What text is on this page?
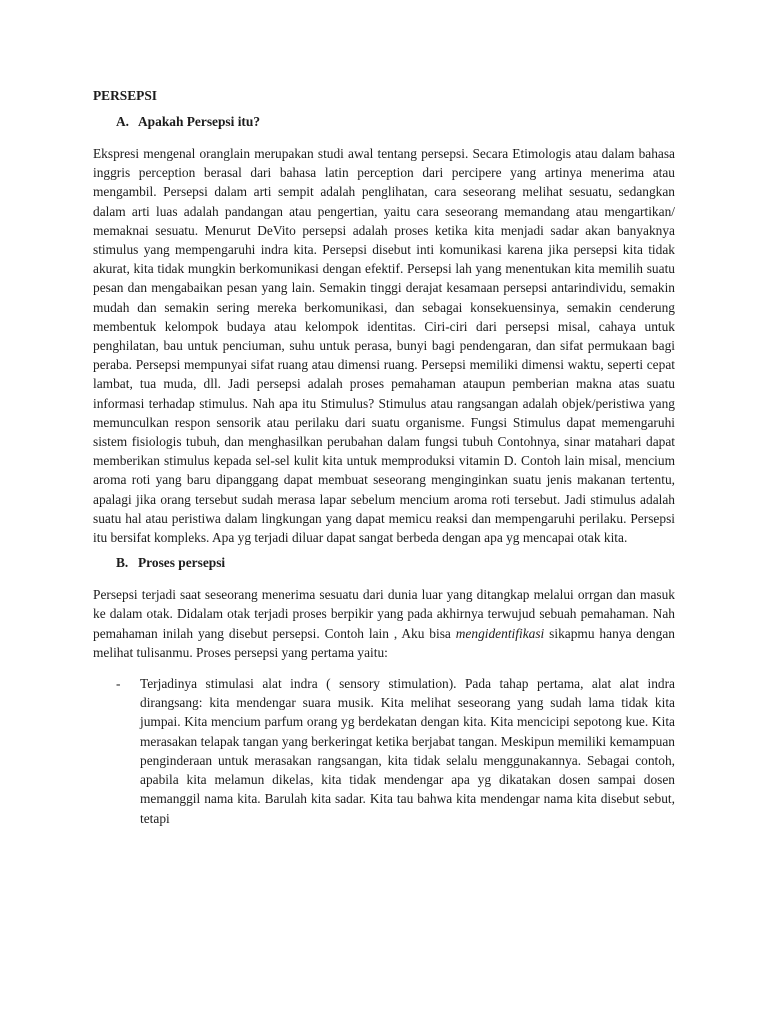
PERSEPSI

A. Apakah Persepsi itu?

Ekspresi mengenal oranglain merupakan studi awal tentang persepsi. Secara Etimologis atau dalam bahasa inggris perception berasal dari bahasa latin perception dari percipere yang artinya menerima atau mengambil. Persepsi dalam arti sempit adalah penglihatan, cara seseorang melihat sesuatu, sedangkan dalam arti luas adalah pandangan atau pengertian, yaitu cara seseorang memandang atau mengartikan/ memaknai sesuatu. Menurut DeVito persepsi adalah proses ketika kita menjadi sadar akan banyaknya stimulus yang mempengaruhi indra kita. Persepsi disebut inti komunikasi karena jika persepsi kita tidak akurat, kita tidak mungkin berkomunikasi dengan efektif. Persepsi lah yang menentukan kita memilih suatu pesan dan mengabaikan pesan yang lain. Semakin tinggi derajat kesamaan persepsi antarindividu, semakin mudah dan semakin sering mereka berkomunikasi, dan sebagai konsekuensinya, semakin cenderung membentuk kelompok budaya atau kelompok identitas. Ciri-ciri dari persepsi misal, cahaya untuk penghilatan, bau untuk penciuman, suhu untuk perasa, bunyi bagi pendengaran, dan sifat permukaan bagi peraba. Persepsi mempunyai sifat ruang atau dimensi ruang. Persepsi memiliki dimensi waktu, seperti cepat lambat, tua muda, dll. Jadi persepsi adalah proses pemahaman ataupun pemberian makna atas suatu informasi terhadap stimulus. Nah apa itu Stimulus? Stimulus atau rangsangan adalah objek/peristiwa yang memunculkan respon sensorik atau perilaku dari suatu organisme. Fungsi Stimulus dapat memengaruhi sistem fisiologis tubuh, dan menghasilkan perubahan dalam fungsi tubuh Contohnya, sinar matahari dapat memberikan stimulus kepada sel-sel kulit kita untuk memproduksi vitamin D. Contoh lain misal, mencium aroma roti yang baru dipanggang dapat membuat seseorang menginginkan suatu jenis makanan tertentu, apalagi jika orang tersebut sudah merasa lapar sebelum mencium aroma roti tersebut. Jadi stimulus adalah suatu hal atau peristiwa dalam lingkungan yang dapat memicu reaksi dan mempengaruhi perilaku. Persepsi itu bersifat kompleks. Apa yg terjadi diluar dapat sangat berbeda dengan apa yg mencapai otak kita.

B. Proses persepsi

Persepsi terjadi saat seseorang menerima sesuatu dari dunia luar yang ditangkap melalui orrgan dan masuk ke dalam otak. Didalam otak terjadi proses berpikir yang pada akhirnya terwujud sebuah pemahaman. Nah pemahaman inilah yang disebut persepsi. Contoh lain , Aku bisa mengidentifikasi sikapmu hanya dengan melihat tulisanmu. Proses persepsi yang pertama yaitu:

-	Terjadinya stimulasi alat indra ( sensory stimulation). Pada tahap pertama, alat alat indra dirangsang: kita mendengar suara musik. Kita melihat seseorang yang sudah lama tidak kita jumpai. Kita mencium parfum orang yg berdekatan dengan kita. Kita mencicipi sepotong kue. Kita merasakan telapak tangan yang berkeringat ketika berjabat tangan. Meskipun memiliki kemampuan penginderaan untuk merasakan rangsangan, kita tidak selalu menggunakannya. Sebagai contoh, apabila kita melamun dikelas, kita tidak mendengar apa yg dikatakan dosen sampai dosen memanggil nama kita. Barulah kita sadar. Kita tau bahwa kita mendengar nama kita disebut sebut, tetapi
